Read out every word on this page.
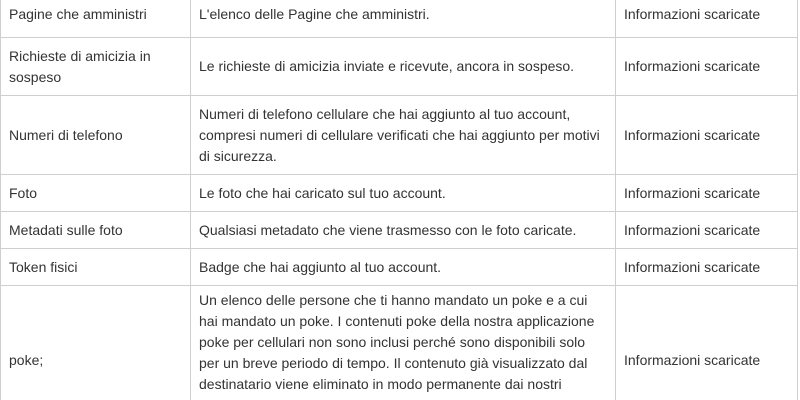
Pagine che amministri	L'elenco delle Pagine che amministri.	Informazioni scaricate
Richieste di amicizia in sospeso	Le richieste di amicizia inviate e ricevute, ancora in sospeso.	Informazioni scaricate
Numeri di telefono	Numeri di telefono cellulare che hai aggiunto al tuo account, compresi numeri di cellulare verificati che hai aggiunto per motivi di sicurezza.	Informazioni scaricate
Foto	Le foto che hai caricato sul tuo account.	Informazioni scaricate
Metadati sulle foto	Qualsiasi metadato che viene trasmesso con le foto caricate.	Informazioni scaricate
Token fisici	Badge che hai aggiunto al tuo account.	Informazioni scaricate
poke;	Un elenco delle persone che ti hanno mandato un poke e a cui hai mandato un poke. I contenuti poke della nostra applicazione poke per cellulari non sono inclusi perché sono disponibili solo per un breve periodo di tempo. Il contenuto già visualizzato dal destinatario viene eliminato in modo permanente dai nostri	Informazioni scaricate
